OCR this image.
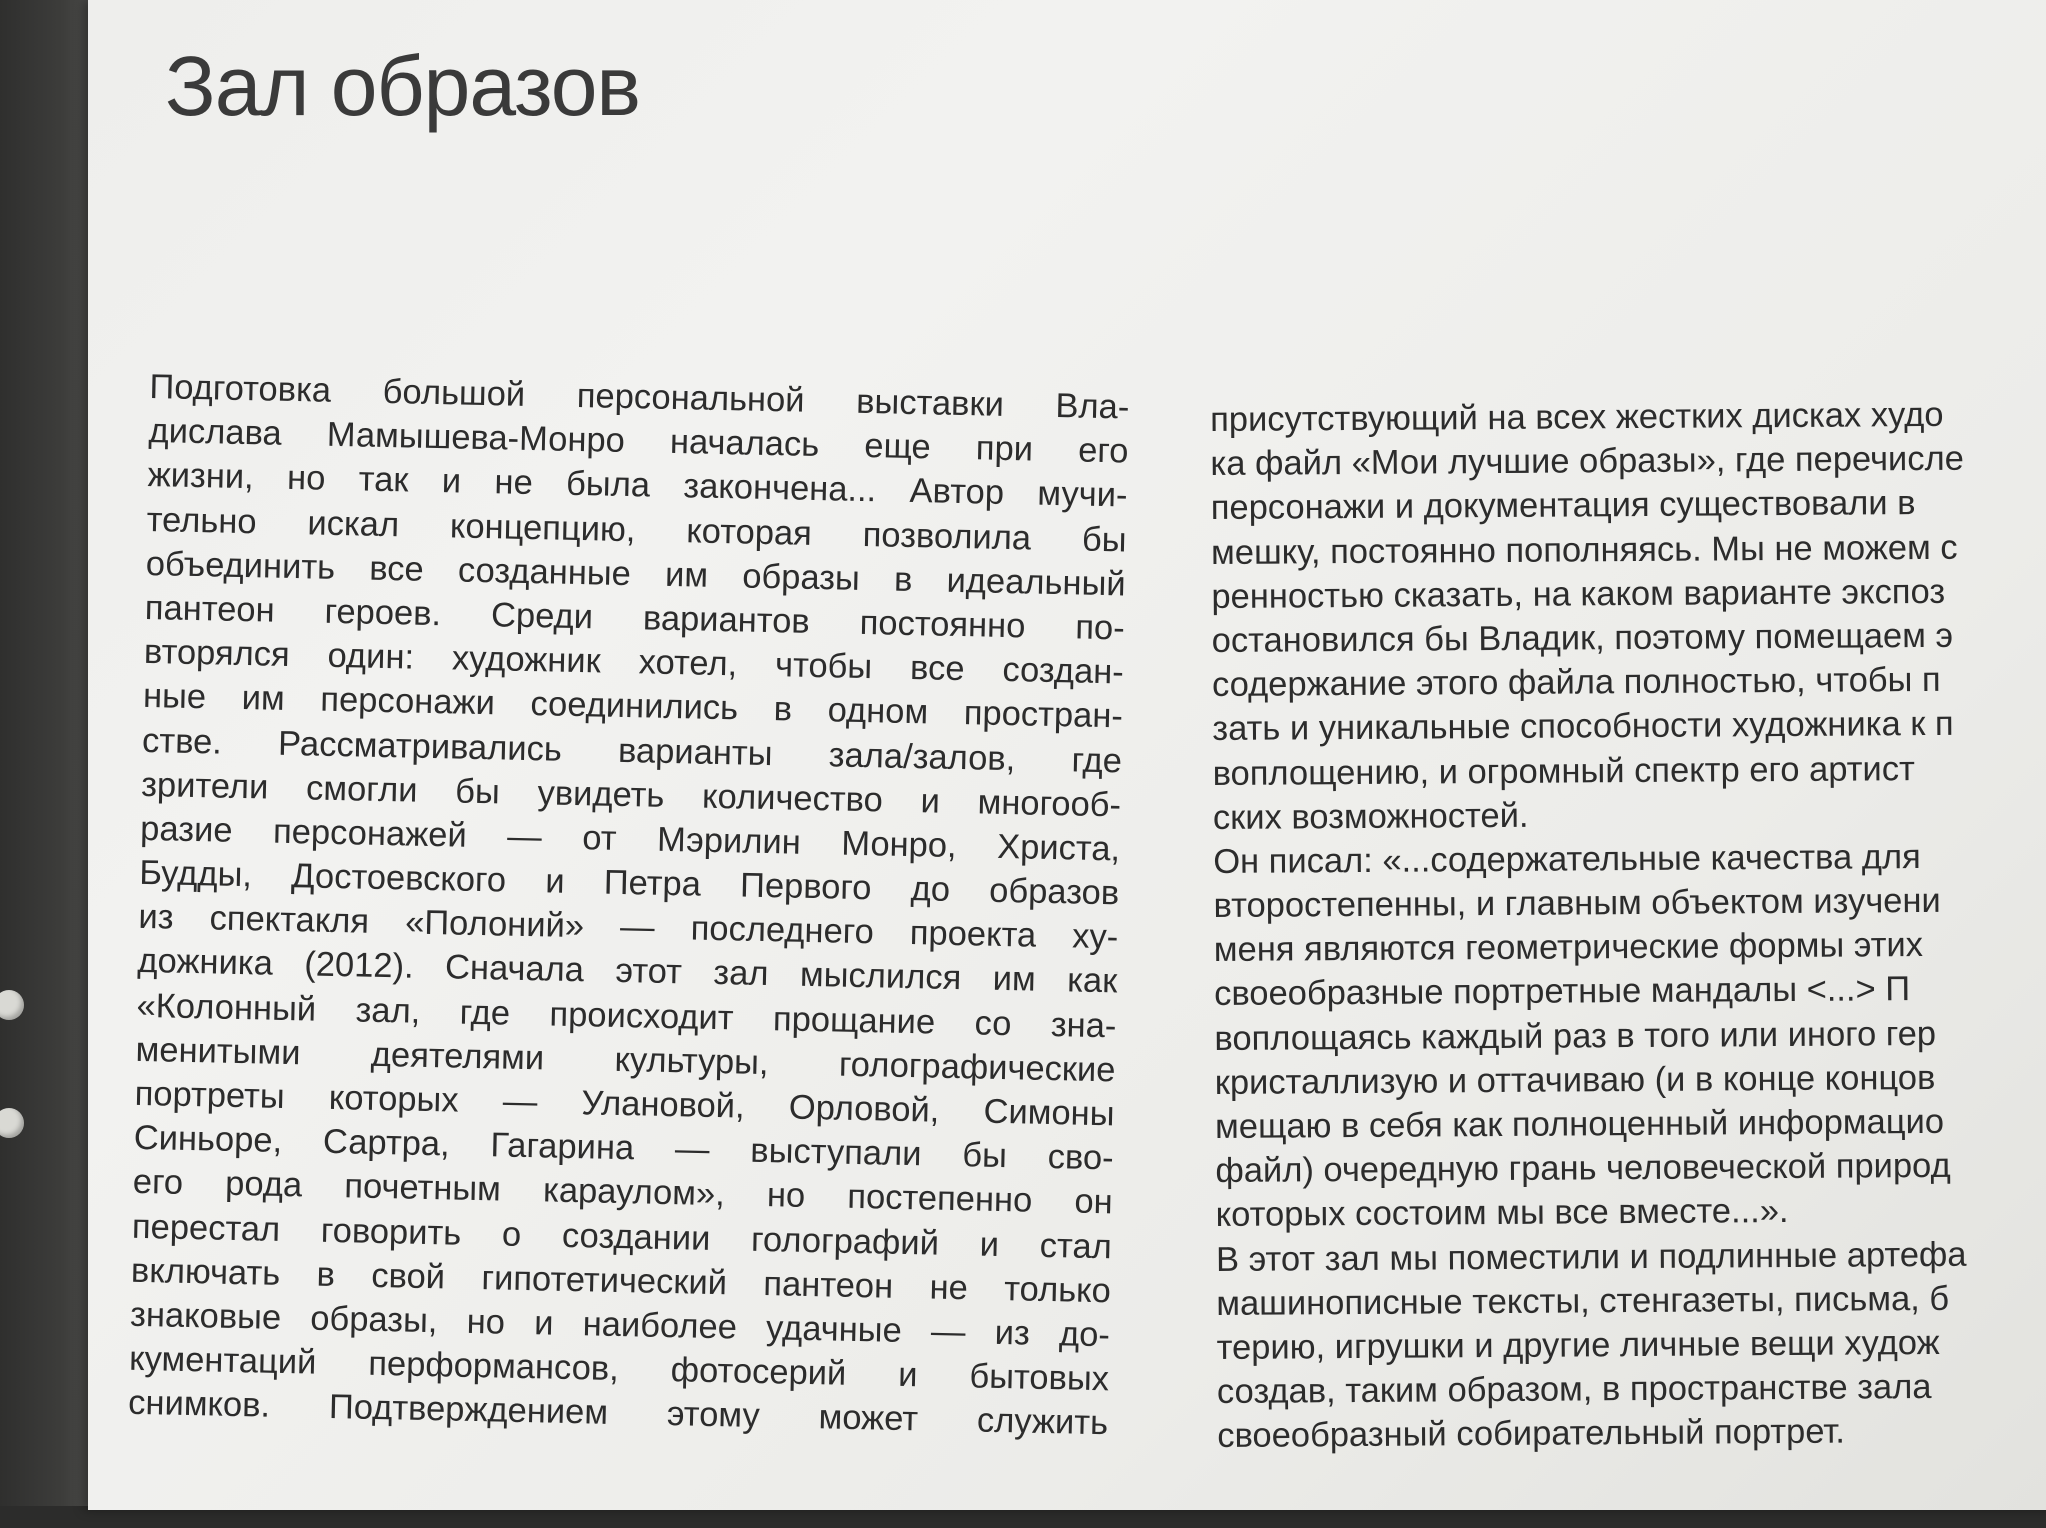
Зал образов
Подготовка большой персональной выставки Вла-
дислава Мамышева-Монро началась еще при его
жизни, но так и не была закончена... Автор мучи-
тельно искал концепцию, которая позволила бы
объединить все созданные им образы в идеальный
пантеон героев. Среди вариантов постоянно по-
вторялся один: художник хотел, чтобы все создан-
ные им персонажи соединились в одном простран-
стве. Рассматривались варианты зала/залов, где
зрители смогли бы увидеть количество и многооб-
разие персонажей — от Мэрилин Монро, Христа,
Будды, Достоевского и Петра Первого до образов
из спектакля «Полоний» — последнего проекта ху-
дожника (2012). Сначала этот зал мыслился им как
«Колонный зал, где происходит прощание со зна-
менитыми деятелями культуры, голографические
портреты которых — Улановой, Орловой, Симоны
Синьоре, Сартра, Гагарина — выступали бы сво-
его рода почетным караулом», но постепенно он
перестал говорить о создании голографий и стал
включать в свой гипотетический пантеон не только
знаковые образы, но и наиболее удачные — из до-
кументаций перформансов, фотосерий и бытовых
снимков. Подтверждением этому может служить
присутствующий на всех жестких дисках худо
ка файл «Мои лучшие образы», где перечисле
персонажи и документация существовали в
мешку, постоянно пополняясь. Мы не можем с
ренностью сказать, на каком варианте экспоз
остановился бы Владик, поэтому помещаем э
содержание этого файла полностью, чтобы п
зать и уникальные способности художника к п
воплощению, и огромный спектр его артист
ских возможностей.
Он писал: «...содержательные качества для
второстепенны, и главным объектом изучени
меня являются геометрические формы этих
своеобразные портретные мандалы <...> П
воплощаясь каждый раз в того или иного гер
кристаллизую и оттачиваю (и в конце концов
мещаю в себя как полноценный информацио
файл) очередную грань человеческой природ
которых состоим мы все вместе...».
В этот зал мы поместили и подлинные артефа
машинописные тексты, стенгазеты, письма, б
терию, игрушки и другие личные вещи худож
создав, таким образом, в пространстве зала
своеобразный собирательный портрет.
